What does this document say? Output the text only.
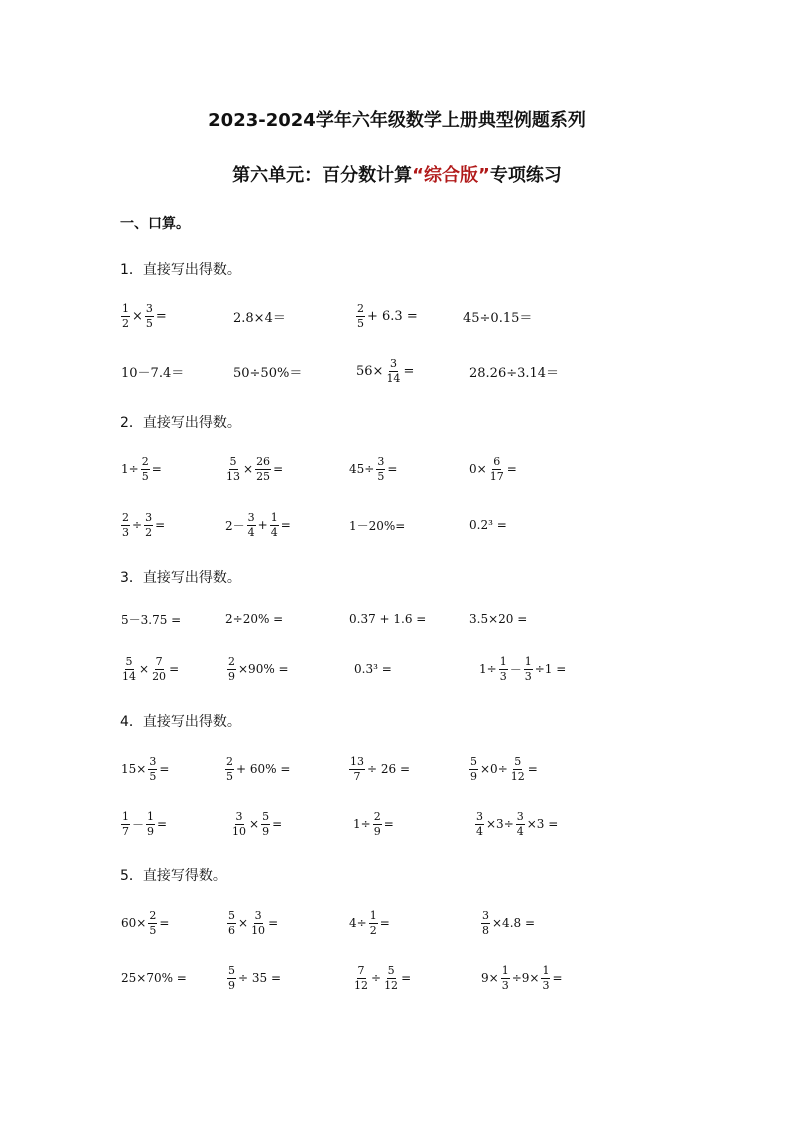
2023-2024学年六年级数学上册典型例题系列
第六单元：百分数计算“综合版”专项练习
一、口算。
1．直接写出得数。
$\frac{1}{2} \times \frac{3}{5}$ =	2.8×4＝	$\frac{2}{5} + 6.3$ =	45÷0.15＝
10－7.4＝	50÷50%＝	$56\times \frac{3}{14}$ =	28.26÷3.14＝
2．直接写出得数。
$1\div \frac{2}{5}$ =	$\frac{5}{13} \times \frac{26}{25}$ =	$45\div \frac{3}{5}$ =	$0\times \frac{6}{17}$ =
$\frac{2}{3} \div \frac{3}{2}$ =	$2- \frac{3}{4} + \frac{1}{4}$ =	1－20%=	0.2³ =
3．直接写出得数。
5－3.75 =	2÷20% =	0.37 + 1.6 =	3.5×20 =
$\frac{5}{14} \times \frac{7}{20}$ =	$\frac{2}{9} \times 90\%$ =	0.3³ =	$1\div \frac{1}{3} - \frac{1}{3} \div 1$ =
4．直接写出得数。
$15\times \frac{3}{5}$ =	$\frac{2}{5} + 60\%$ =	$\frac{13}{7} \div 26$ =	$\frac{5}{9} \times 0\div \frac{5}{12}$ =
$\frac{1}{7} - \frac{1}{9}$ =	$\frac{3}{10} \times \frac{5}{9}$ =	$1\div \frac{2}{9}$ =	$\frac{3}{4} \times 3\div \frac{3}{4} \times 3$ =
5．直接写得数。
$60\times \frac{2}{5}$ =	$\frac{5}{6} \times \frac{3}{10}$ =	$4\div \frac{1}{2}$ =	$\frac{3}{8} \times 4.8$ =
25×70% =	$\frac{5}{9} \div 35$ =	$\frac{7}{12} \div \frac{5}{12}$ =	$9\times \frac{1}{3} \div 9\times \frac{1}{3}$ =
